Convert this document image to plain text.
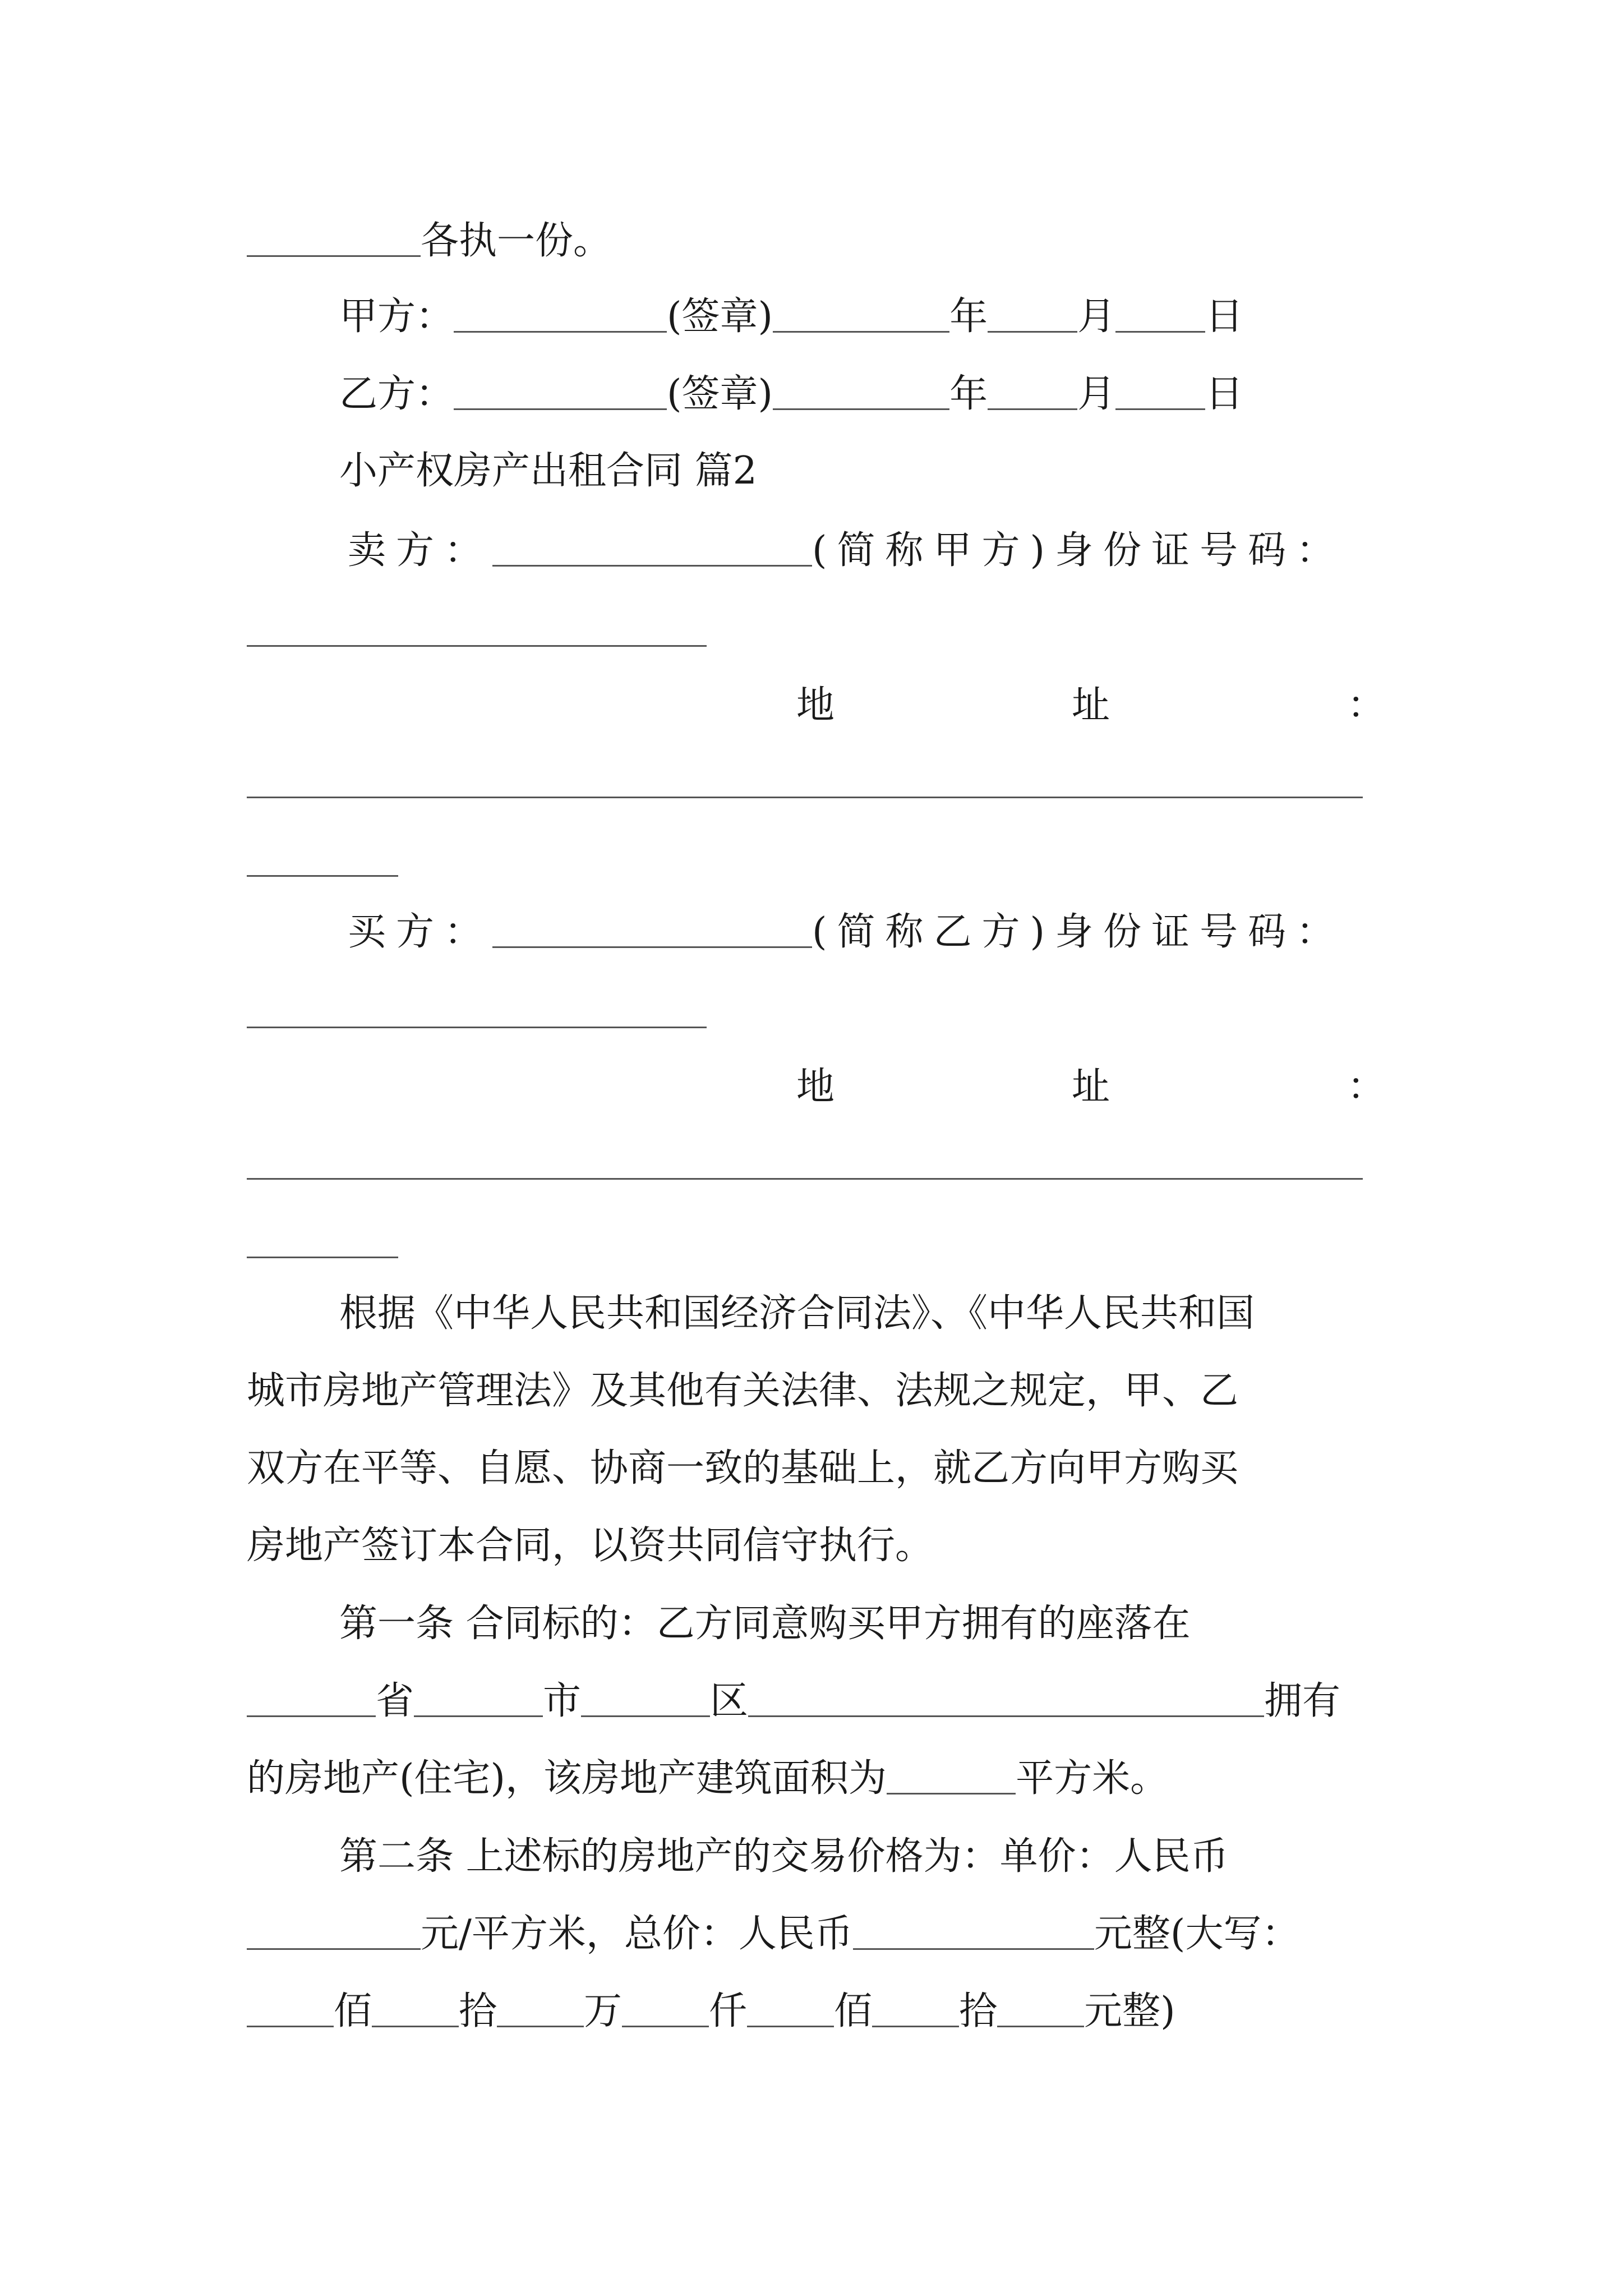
各执一份。
甲方：	(签章)	年 月 日
乙方：	(签章)	年 月 日
小产权房产出租合同 篇2
卖方：	(简称甲方)身份证号码：
地	址	：
买方：	(简称乙方)身份证号码：
地	址	：
根据《中华人民共和国经济合同法》、《中华人民共和国
城市房地产管理法》及其他有关法律、法规之规定，甲、乙
双方在平等、自愿、协商一致的基础上，就乙方向甲方购买
房地产签订本合同，以资共同信守执行。
第一条 合同标的：乙方同意购买甲方拥有的座落在
省	市	区	拥有
的房地产(住宅)，该房地产建筑面积为	平方米。
第二条 上述标的房地产的交易价格为：单价：人民币
元/平方米，总价：人民币	元整(大写：
佰 拾 万 仟 佰 拾 元整)
